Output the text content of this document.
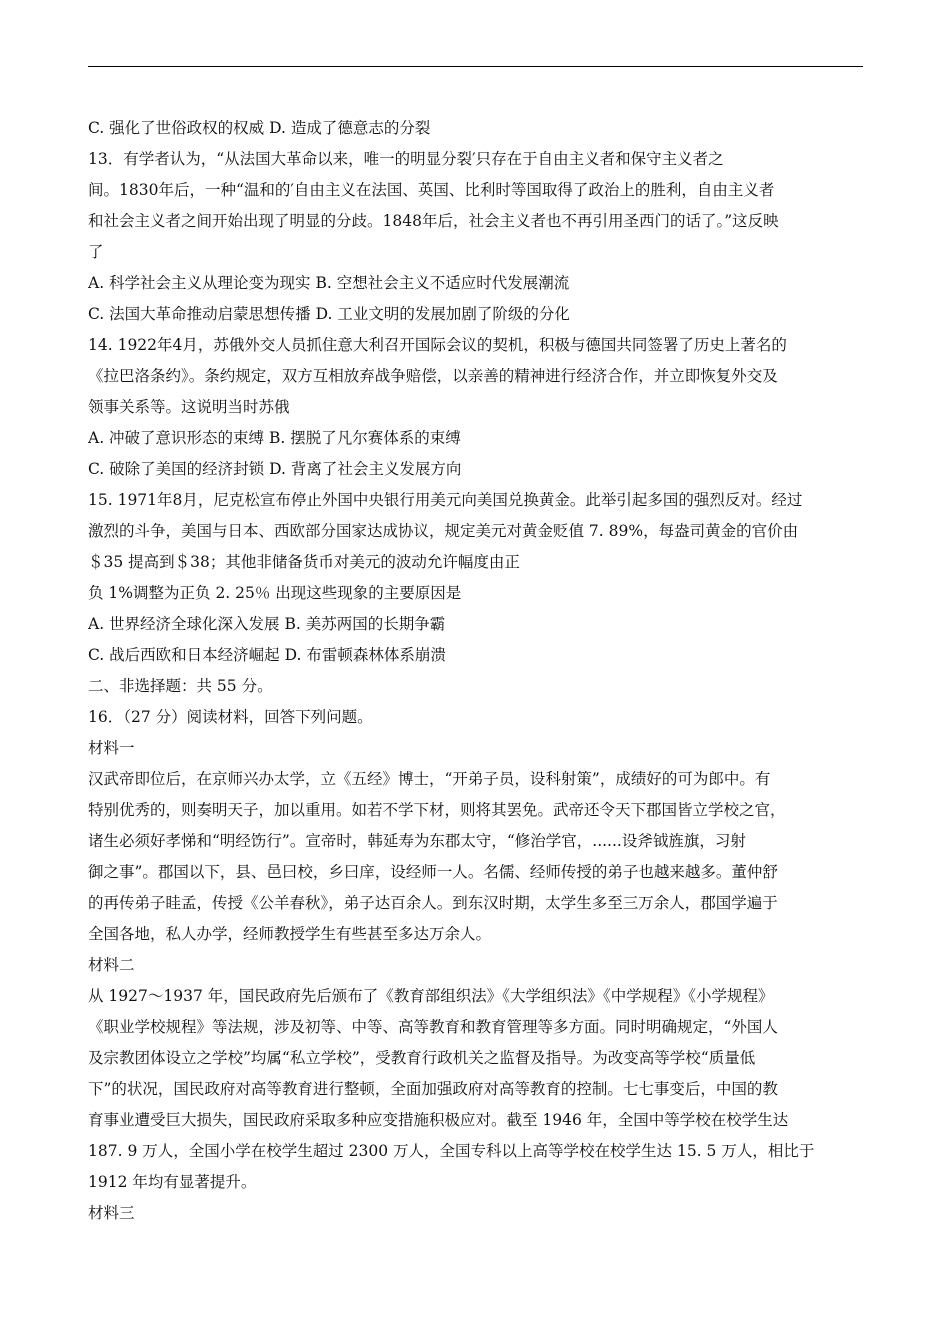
C. 强化了世俗政权的权威 D. 造成了德意志的分裂
13．有学者认为，“从法国大革命以来，唯一的明显分裂′只存在于自由主义者和保守主义者之
间。1830年后，一种“温和的′自由主义在法国、英国、比利时等国取得了政治上的胜利，自由主义者
和社会主义者之间开始出现了明显的分歧。1848年后，社会主义者也不再引用圣西门的话了。”这反映
了
A. 科学社会主义从理论变为现实 B. 空想社会主义不适应时代发展潮流
C. 法国大革命推动启蒙思想传播 D. 工业文明的发展加剧了阶级的分化
14. 1922年4月，苏俄外交人员抓住意大利召开国际会议的契机，积极与德国共同签署了历史上著名的
《拉巴洛条约》。条约规定，双方互相放弃战争赔偿，以亲善的精神进行经济合作，并立即恢复外交及
领事关系等。这说明当时苏俄
A. 冲破了意识形态的束缚 B. 摆脱了凡尔赛体系的束缚
C. 破除了美国的经济封锁 D. 背离了社会主义发展方向
15. 1971年8月，尼克松宣布停止外国中央银行用美元向美国兑换黄金。此举引起多国的强烈反对。经过
激烈的斗争，美国与日本、西欧部分国家达成协议，规定美元对黄金贬值 7. 89%，每盎司黄金的官价由
＄35 提高到＄38；其他非储备货币对美元的波动允许幅度由正
负 1%调整为正负 2. 25％ 出现这些现象的主要原因是
A. 世界经济全球化深入发展 B. 美苏两国的长期争霸
C. 战后西欧和日本经济崛起 D. 布雷顿森林体系崩溃
二、非选择题：共 55 分。
16．（27 分）阅读材料，回答下列问题。
材料一
汉武帝即位后，在京师兴办太学，立《五经》博士，“开弟子员，设科射策”，成绩好的可为郎中。有
特别优秀的，则奏明天子，加以重用。如若不学下材，则将其罢免。武帝还令天下郡国皆立学校之官，
诸生必须好孝悌和“明经饬行”。宣帝时，韩延寿为东郡太守，“修治学官，......设斧钺旌旗，习射
御之事”。郡国以下，县、邑曰校，乡曰庠，设经师一人。名儒、经师传授的弟子也越来越多。董仲舒
的再传弟子眭孟，传授《公羊春秋》，弟子达百余人。到东汉时期，太学生多至三万余人，郡国学遍于
全国各地，私人办学，经师教授学生有些甚至多达万余人。
材料二
从 1927～1937 年，国民政府先后颁布了《教育部组织法》《大学组织法》《中学规程》《小学规程》
《职业学校规程》等法规，涉及初等、中等、高等教育和教育管理等多方面。同时明确规定，“外国人
及宗教团体设立之学校”均属“私立学校”，受教育行政机关之监督及指导。为改变高等学校“质量低
下”的状况，国民政府对高等教育进行整顿，全面加强政府对高等教育的控制。七七事变后，中国的教
育事业遭受巨大损失，国民政府采取多种应变措施积极应对。截至 1946 年，全国中等学校在校学生达
187. 9 万人，全国小学在校学生超过 2300 万人，全国专科以上高等学校在校学生达 15. 5 万人，相比于
1912 年均有显著提升。
材料三
